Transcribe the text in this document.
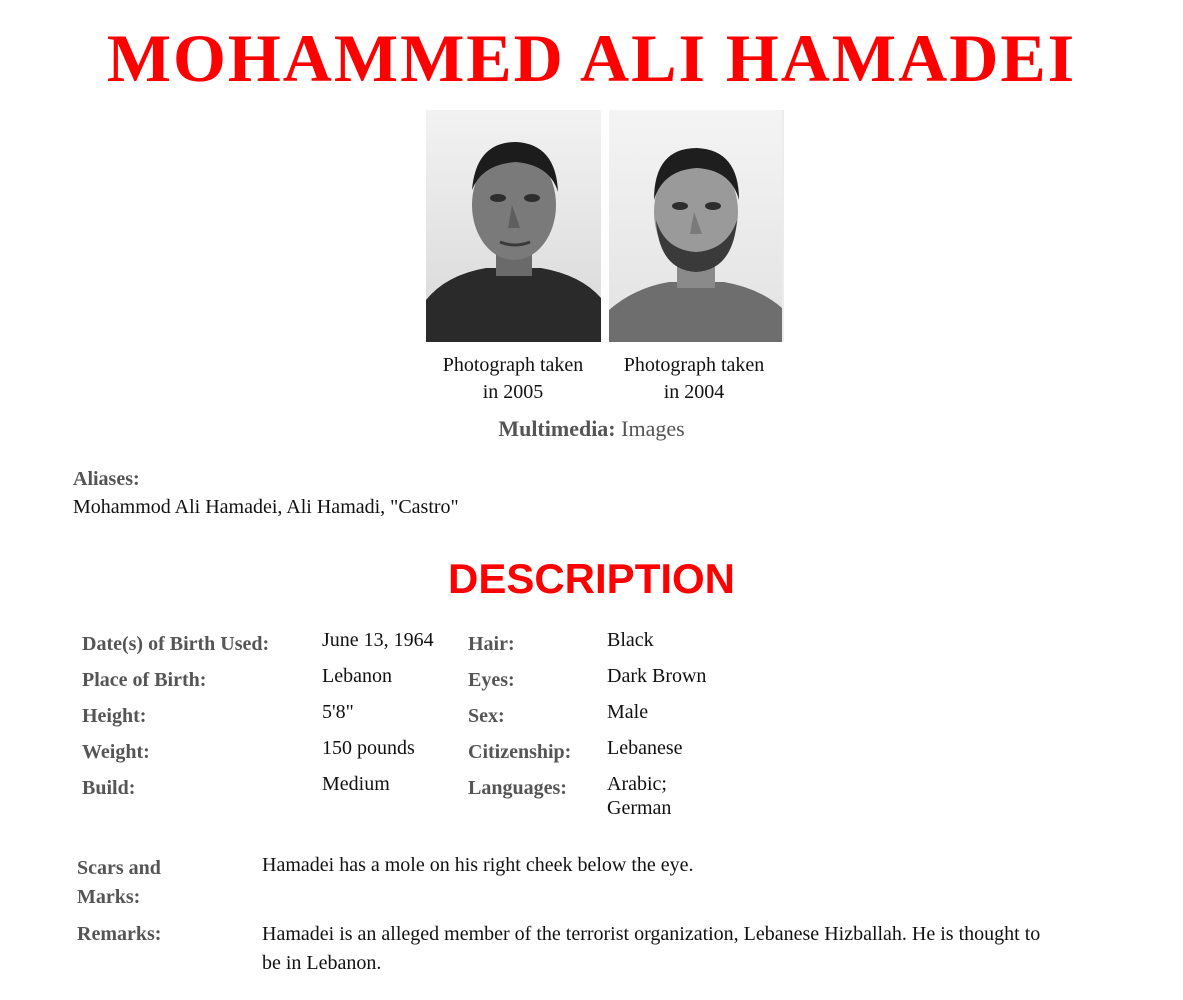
MOHAMMED ALI HAMADEI
Photograph taken
in 2005
Photograph taken
in 2004
Multimedia: Images
Aliases:
Mohammod Ali Hamadei, Ali Hamadi, "Castro"
DESCRIPTION
Date(s) of Birth Used:	June 13, 1964	Hair:	Black
Place of Birth:	Lebanon	Eyes:	Dark Brown
Height:	5'8"	Sex:	Male
Weight:	150 pounds	Citizenship:	Lebanese
Build:	Medium	Languages:	Arabic;
German
Scars and
Marks:
Hamadei has a mole on his right cheek below the eye.
Remarks:	Hamadei is an alleged member of the terrorist organization, Lebanese Hizballah. He is thought to
be in Lebanon.
